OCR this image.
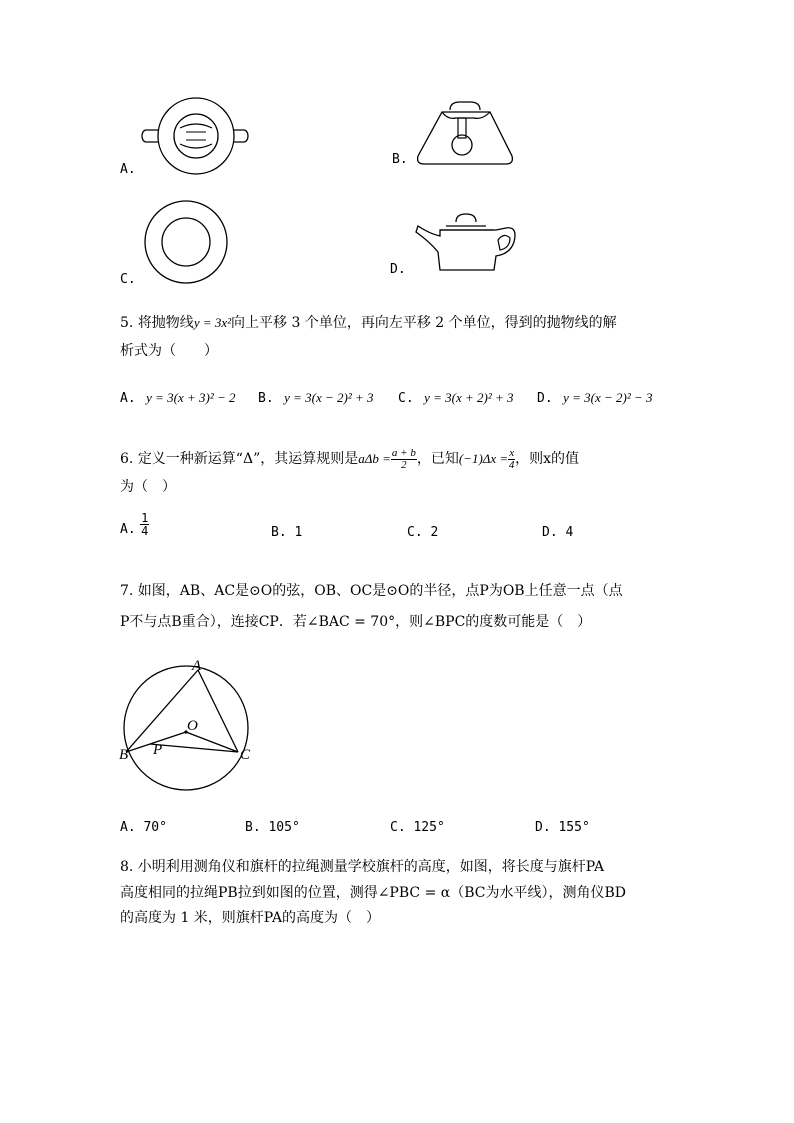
A.
B.
C.
D.
5. 将抛物线y = 3x²向上平移 3 个单位，再向左平移 2 个单位，得到的抛物线的解
析式为（　　）
A. y = 3(x + 3)² − 2 B. y = 3(x − 2)² + 3 C. y = 3(x + 2)² + 3 D. y = 3(x − 2)² − 3
6. 定义一种新运算“Δ”，其运算规则是$a\Delta b = \frac{a + b}{2}$ ，已知$(-1)\Delta x = \frac{x}{4}$ ，则x的值
为（　）
A. $\frac{1}{4}$	B. 1	C. 2	D. 4
7. 如图，AB、AC是⊙O的弦，OB、OC是⊙O的半径，点P为OB上任意一点（点
P不与点B重合），连接CP．若∠BAC = 70°，则∠BPC的度数可能是（　）
A
O
B P	C
A. 70°	B. 105°	C. 125°	D. 155°
8. 小明利用测角仪和旗杆的拉绳测量学校旗杆的高度，如图，将长度与旗杆PA
高度相同的拉绳PB拉到如图的位置，测得∠PBC = α（BC为水平线），测角仪BD
的高度为 1 米，则旗杆PA的高度为（　）
